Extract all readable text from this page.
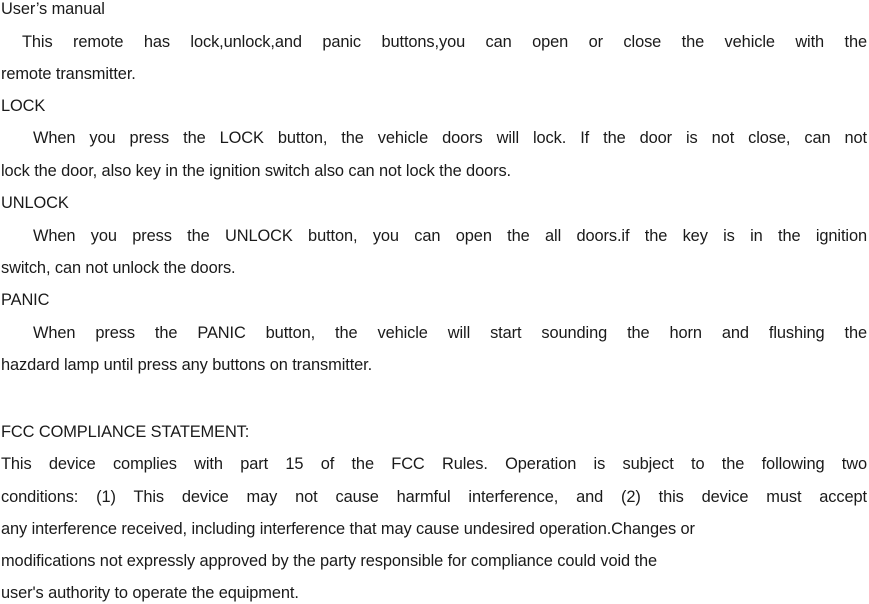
User’s manual
This remote has lock,unlock,and panic buttons,you can open or close the vehicle with the
remote transmitter.
LOCK
When you press the LOCK button, the vehicle doors will lock. If the door is not close, can not
lock the door, also key in the ignition switch also can not lock the doors.
UNLOCK
When you press the UNLOCK button, you can open the all doors.if the key is in the ignition
switch, can not unlock the doors.
PANIC
When press the PANIC button, the vehicle will start sounding the horn and flushing the
hazdard lamp until press any buttons on transmitter.
FCC COMPLIANCE STATEMENT:
This device complies with part 15 of the FCC Rules. Operation is subject to the following two
conditions: (1) This device may not cause harmful interference, and (2) this device must accept
any interference received, including interference that may cause undesired operation.Changes or
modifications not expressly approved by the party responsible for compliance could void the
user's authority to operate the equipment.
